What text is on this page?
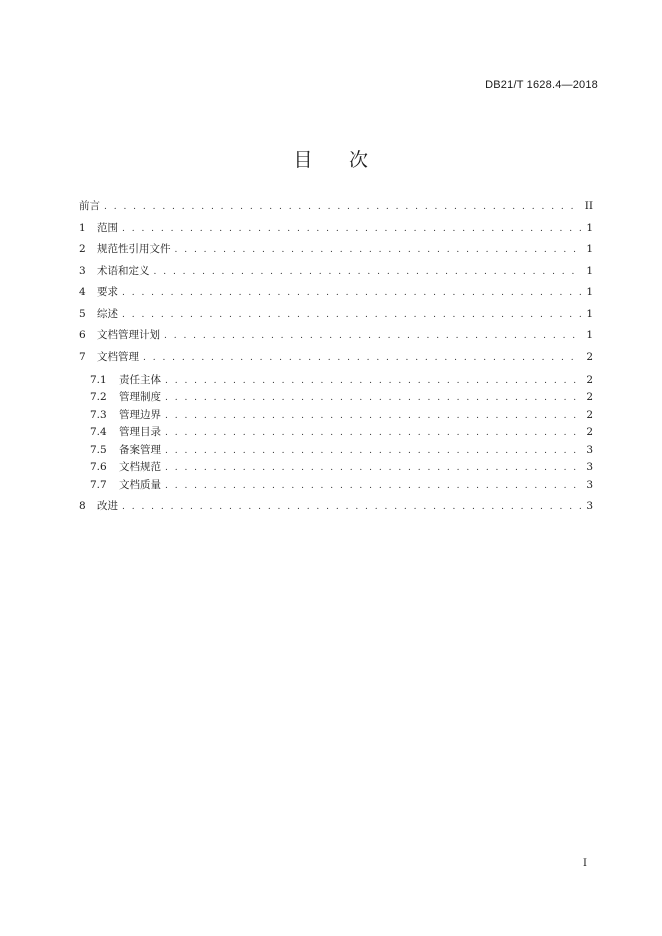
DB21/T 1628.4—2018
目 次
前言 . . .	II
1	范围 . . .	1
2	规范性引用文件 . . .	1
3	术语和定义 . . .	1
4	要求 . . .	1
5	综述 . . .	1
6	文档管理计划 . . .	1
7	文档管理 . . .	2
7.1	责任主体 . . .	2
7.2	管理制度 . . .	2
7.3	管理边界 . . .	2
7.4	管理目录 . . .	2
7.5	备案管理 . . .	3
7.6	文档规范 . . .	3
7.7	文档质量 . . .	3
8	改进 . . .	3
I
